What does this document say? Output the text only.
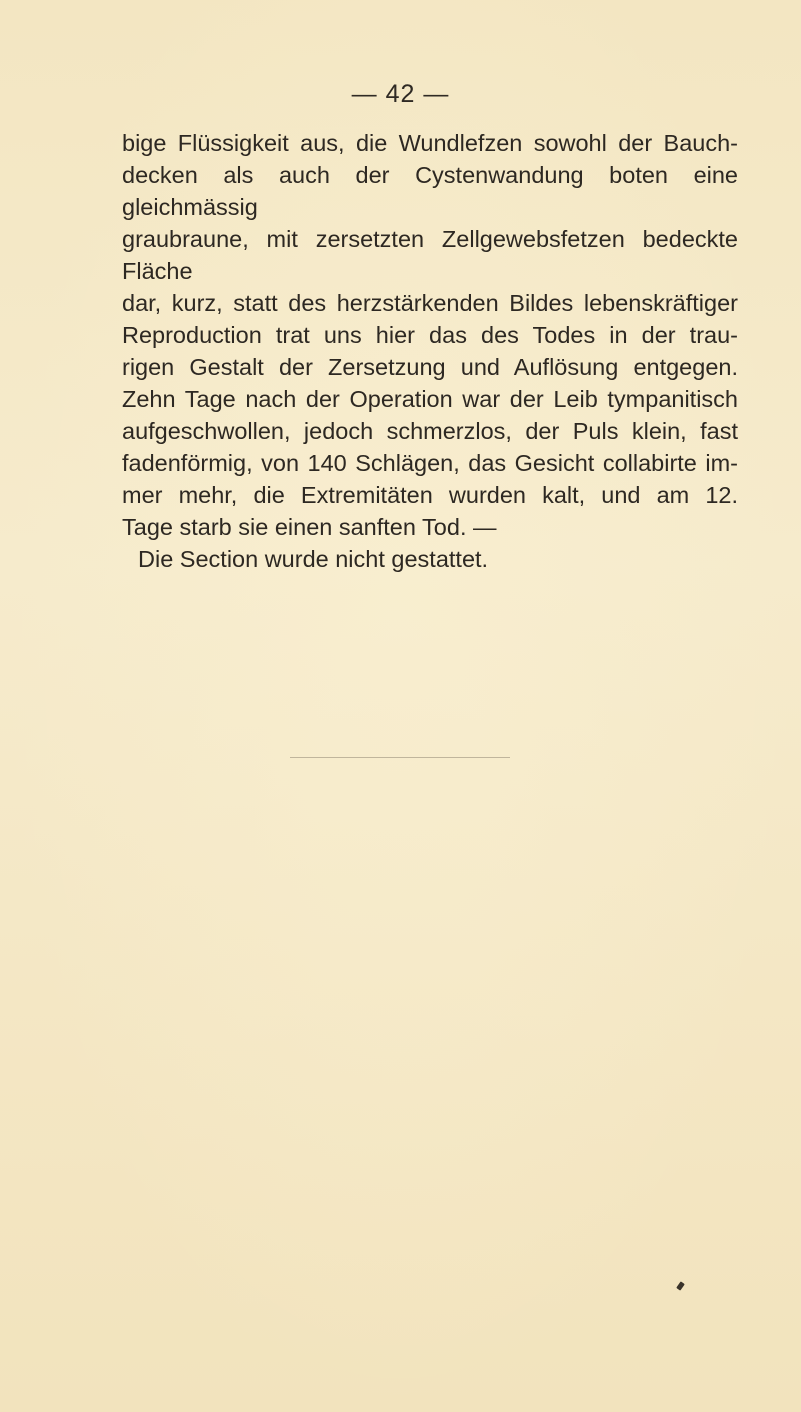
— 42 —
bige Flüssigkeit aus, die Wundlefzen sowohl der Bauch-
decken als auch der Cystenwandung boten eine gleichmässig
graubraune, mit zersetzten Zellgewebsfetzen bedeckte Fläche
dar, kurz, statt des herzstärkenden Bildes lebenskräftiger
Reproduction trat uns hier das des Todes in der trau-
rigen Gestalt der Zersetzung und Auflösung entgegen.
Zehn Tage nach der Operation war der Leib tympanitisch
aufgeschwollen, jedoch schmerzlos, der Puls klein, fast
fadenförmig, von 140 Schlägen, das Gesicht collabirte im-
mer mehr, die Extremitäten wurden kalt, und am 12.
Tage starb sie einen sanften Tod. —
Die Section wurde nicht gestattet.
